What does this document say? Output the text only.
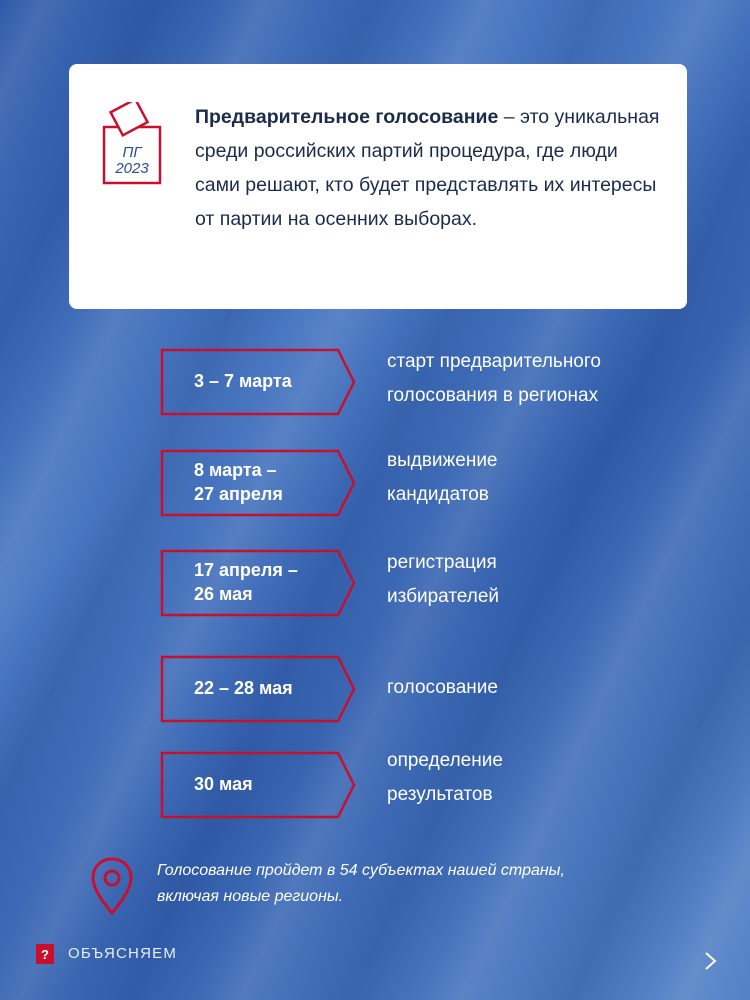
ПГ
2023
Предварительное голосование – это уникальная среди российских партий процедура, где люди сами решают, кто будет представлять их интересы от партии на осенних выборах.
3 – 7 марта
старт предварительного
голосования в регионах
8 марта –
27 апреля
выдвижение
кандидатов
17 апреля –
26 мая
регистрация
избирателей
22 – 28 мая	голосование
30 мая
определение
результатов
Голосование пройдет в 54 субъектах нашей страны,
включая новые регионы.
?	ОБЪЯСНЯЕМ
